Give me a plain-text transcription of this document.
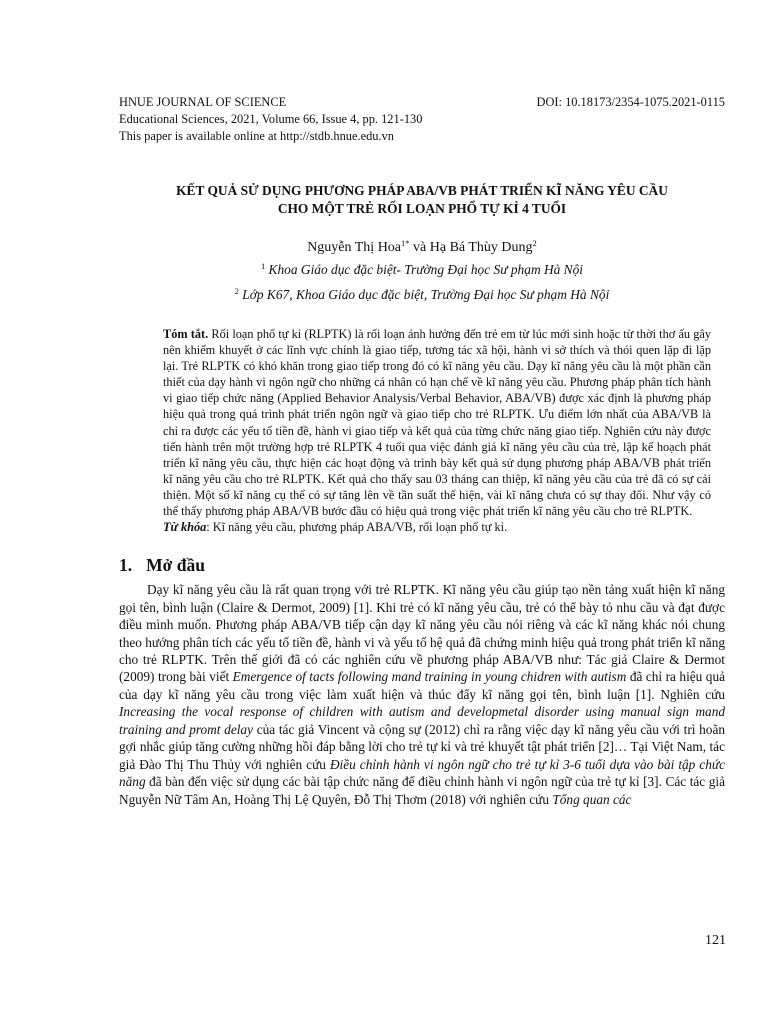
HNUE JOURNAL OF SCIENCE	DOI: 10.18173/2354-1075.2021-0115
Educational Sciences, 2021, Volume 66, Issue 4, pp. 121-130
This paper is available online at http://stdb.hnue.edu.vn
KẾT QUẢ SỬ DỤNG PHƯƠNG PHÁP ABA/VB PHÁT TRIỂN KĨ NĂNG YÊU CẦU
CHO MỘT TRẺ RỐI LOẠN PHỔ TỰ KỈ 4 TUỔI
Nguyễn Thị Hoa$^{1*}$ và Hạ Bá Thùy Dung$^2$
$^1$ Khoa Giáo dục đặc biệt- Trường Đại học Sư phạm Hà Nội
$^2$ Lớp K67, Khoa Giáo dục đặc biệt, Trường Đại học Sư phạm Hà Nội
Tóm tắt. Rối loạn phổ tự kỉ (RLPTK) là rối loạn ảnh hưởng đến trẻ em từ lúc mới sinh hoặc từ thời thơ ấu gây nên khiếm khuyết ở các lĩnh vực chính là giao tiếp, tương tác xã hội, hành vi sở thích và thói quen lặp đi lặp lại. Trẻ RLPTK có khó khăn trong giao tiếp trong đó có kĩ năng yêu cầu. Dạy kĩ năng yêu cầu là một phần cần thiết của dạy hành vi ngôn ngữ cho những cá nhân có hạn chế về kĩ năng yêu cầu. Phương pháp phân tích hành vi giao tiếp chức năng (Applied Behavior Analysis/Verbal Behavior, ABA/VB) được xác định là phương pháp hiệu quả trong quá trình phát triển ngôn ngữ và giao tiếp cho trẻ RLPTK. Ưu điểm lớn nhất của ABA/VB là chỉ ra được các yếu tố tiền đề, hành vi giao tiếp và kết quả của từng chức năng giao tiếp. Nghiên cứu này được tiến hành trên một trường hợp trẻ RLPTK 4 tuổi qua việc đánh giá kĩ năng yêu cầu của trẻ, lập kế hoạch phát triển kĩ năng yêu cầu, thực hiện các hoạt động và trình bày kết quả sử dụng phương pháp ABA/VB phát triển kĩ năng yêu cầu cho trẻ RLPTK. Kết quả cho thấy sau 03 tháng can thiệp, kĩ năng yêu cầu của trẻ đã có sự cải thiện. Một số kĩ năng cụ thể có sự tăng lên về tần suất thể hiện, vài kĩ năng chưa có sự thay đổi. Như vậy có thể thấy phương pháp ABA/VB bước đầu có hiệu quả trong việc phát triển kĩ năng yêu cầu cho trẻ RLPTK.
Từ khóa: Kĩ năng yêu cầu, phương pháp ABA/VB, rối loạn phổ tự kỉ.
1. Mở đầu
Dạy kĩ năng yêu cầu là rất quan trọng với trẻ RLPTK. Kĩ năng yêu cầu giúp tạo nền tảng xuất hiện kĩ năng gọi tên, bình luận (Claire & Dermot, 2009) [1]. Khi trẻ có kĩ năng yêu cầu, trẻ có thể bày tỏ nhu cầu và đạt được điều mình muốn. Phương pháp ABA/VB tiếp cận dạy kĩ năng yêu cầu nói riêng và các kĩ năng khác nói chung theo hướng phân tích các yếu tố tiền đề, hành vi và yếu tố hệ quả đã chứng minh hiệu quả trong phát triển kĩ năng cho trẻ RLPTK. Trên thế giới đã có các nghiên cứu về phương pháp ABA/VB như: Tác giả Claire & Dermot (2009) trong bài viết Emergence of tacts following mand training in young chidren with autism đã chỉ ra hiệu quả của dạy kĩ năng yêu cầu trong việc làm xuất hiện và thúc đẩy kĩ năng gọi tên, bình luận [1]. Nghiên cứu Increasing the vocal response of children with autism and developmetal disorder using manual sign mand training and promt delay của tác giả Vincent và cộng sự (2012) chỉ ra rằng việc dạy kĩ năng yêu cầu với trì hoãn gợi nhắc giúp tăng cường những hồi đáp bằng lời cho trẻ tự kỉ và trẻ khuyết tật phát triển [2]… Tại Việt Nam, tác giả Đào Thị Thu Thủy với nghiên cứu Điều chỉnh hành vi ngôn ngữ cho trẻ tự kỉ 3-6 tuổi dựa vào bài tập chức năng đã bàn đến việc sử dụng các bài tập chức năng để điều chỉnh hành vi ngôn ngữ của trẻ tự kỉ [3]. Các tác giả Nguyễn Nữ Tâm An, Hoàng Thị Lệ Quyên, Đỗ Thị Thơm (2018) với nghiên cứu Tổng quan các
121
